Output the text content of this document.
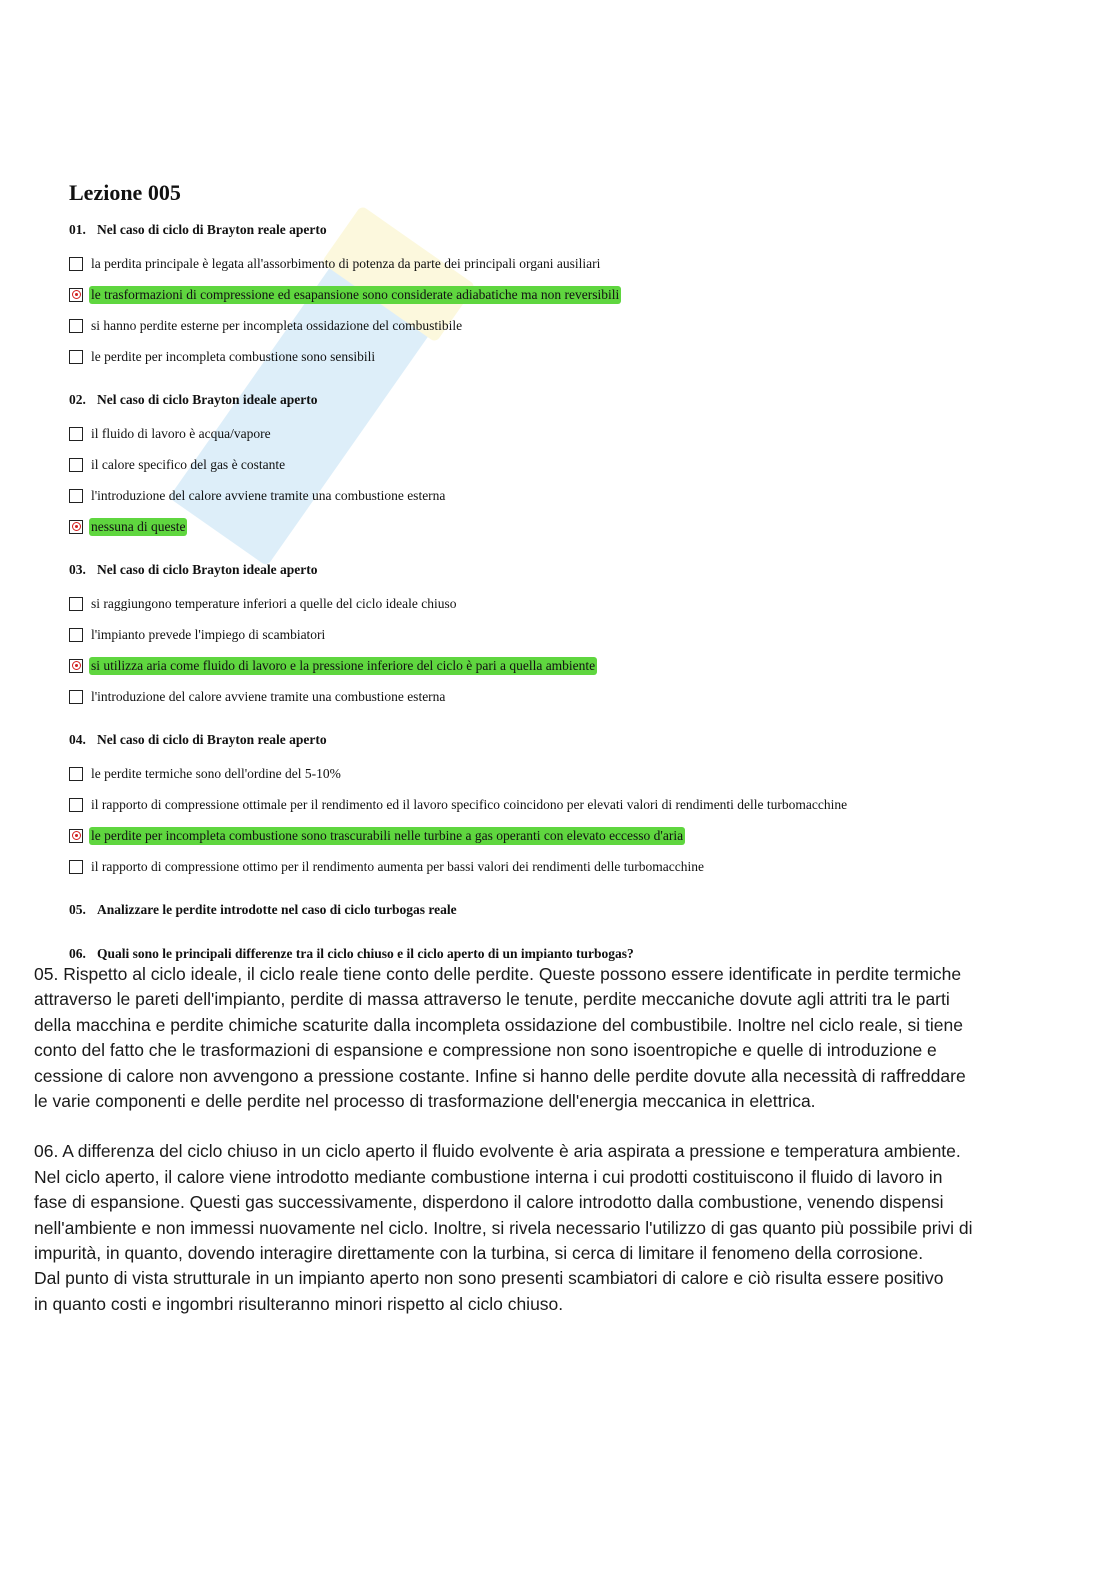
Lezione 005
01. Nel caso di ciclo di Brayton reale aperto
la perdita principale è legata all'assorbimento di potenza da parte dei principali organi ausiliari
le trasformazioni di compressione ed esapansione sono considerate adiabatiche ma non reversibili
si hanno perdite esterne per incompleta ossidazione del combustibile
le perdite per incompleta combustione sono sensibili
02. Nel caso di ciclo Brayton ideale aperto
il fluido di lavoro è acqua/vapore
il calore specifico del gas è costante
l'introduzione del calore avviene tramite una combustione esterna
nessuna di queste
03. Nel caso di ciclo Brayton ideale aperto
si raggiungono temperature inferiori a quelle del ciclo ideale chiuso
l'impianto prevede l'impiego di scambiatori
si utilizza aria come fluido di lavoro e la pressione inferiore del ciclo è pari a quella ambiente
l'introduzione del calore avviene tramite una combustione esterna
04. Nel caso di ciclo di Brayton reale aperto
le perdite termiche sono dell'ordine del 5-10%
il rapporto di compressione ottimale per il rendimento ed il lavoro specifico coincidono per elevati valori di rendimenti delle turbomacchine
le perdite per incompleta combustione sono trascurabili nelle turbine a gas operanti con elevato eccesso d'aria
il rapporto di compressione ottimo per il rendimento aumenta per bassi valori dei rendimenti delle turbomacchine
05. Analizzare le perdite introdotte nel caso di ciclo turbogas reale
06. Quali sono le principali differenze tra il ciclo chiuso e il ciclo aperto di un impianto turbogas?

05. Rispetto al ciclo ideale, il ciclo reale tiene conto delle perdite. Queste possono essere identificate in perdite termiche

attraverso le pareti dell'impianto, perdite di massa attraverso le tenute, perdite meccaniche dovute agli attriti tra le parti

della macchina e perdite chimiche scaturite dalla incompleta ossidazione del combustibile. Inoltre nel ciclo reale, si tiene

conto del fatto che le trasformazioni di espansione e compressione non sono isoentropiche e quelle di introduzione e

cessione di calore non avvengono a pressione costante. Infine si hanno delle perdite dovute alla necessità di raffreddare

le varie componenti e delle perdite nel processo di trasformazione dell'energia meccanica in elettrica.

06. A differenza del ciclo chiuso in un ciclo aperto il fluido evolvente è aria aspirata a pressione e temperatura ambiente.

Nel ciclo aperto, il calore viene introdotto mediante combustione interna i cui prodotti costituiscono il fluido di lavoro in

fase di espansione. Questi gas successivamente, disperdono il calore introdotto dalla combustione, venendo dispensi

nell'ambiente e non immessi nuovamente nel ciclo. Inoltre, si rivela necessario l'utilizzo di gas quanto più possibile privi di

impurità, in quanto, dovendo interagire direttamente con la turbina, si cerca di limitare il fenomeno della corrosione.

Dal punto di vista strutturale in un impianto aperto non sono presenti scambiatori di calore e ciò risulta essere positivo

in quanto costi e ingombri risulteranno minori rispetto al ciclo chiuso.
